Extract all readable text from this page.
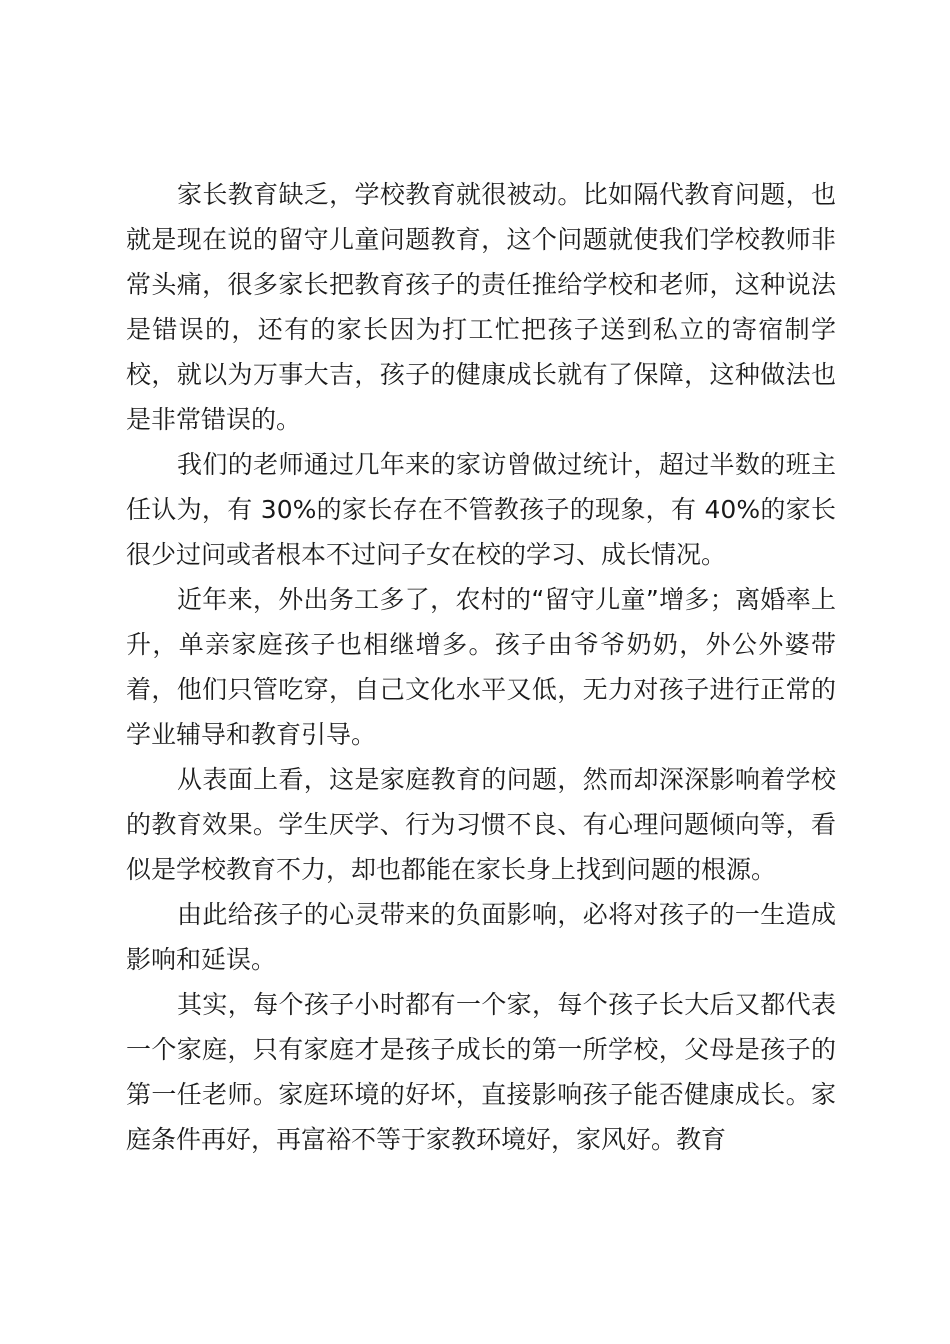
家长教育缺乏，学校教育就很被动。比如隔代教育问题，也就是现在说的留守儿童问题教育，这个问题就使我们学校教师非常头痛，很多家长把教育孩子的责任推给学校和老师，这种说法是错误的，还有的家长因为打工忙把孩子送到私立的寄宿制学校，就以为万事大吉，孩子的健康成长就有了保障，这种做法也是非常错误的。

我们的老师通过几年来的家访曾做过统计，超过半数的班主任认为，有 30%的家长存在不管教孩子的现象，有 40%的家长很少过问或者根本不过问子女在校的学习、成长情况。

近年来，外出务工多了，农村的“留守儿童”增多；离婚率上升，单亲家庭孩子也相继增多。孩子由爷爷奶奶，外公外婆带着，他们只管吃穿，自己文化水平又低，无力对孩子进行正常的学业辅导和教育引导。

从表面上看，这是家庭教育的问题，然而却深深影响着学校的教育效果。学生厌学、行为习惯不良、有心理问题倾向等，看似是学校教育不力，却也都能在家长身上找到问题的根源。

由此给孩子的心灵带来的负面影响，必将对孩子的一生造成影响和延误。

其实，每个孩子小时都有一个家，每个孩子长大后又都代表一个家庭，只有家庭才是孩子成长的第一所学校，父母是孩子的第一任老师。家庭环境的好坏，直接影响孩子能否健康成长。家庭条件再好，再富裕不等于家教环境好，家风好。教育
